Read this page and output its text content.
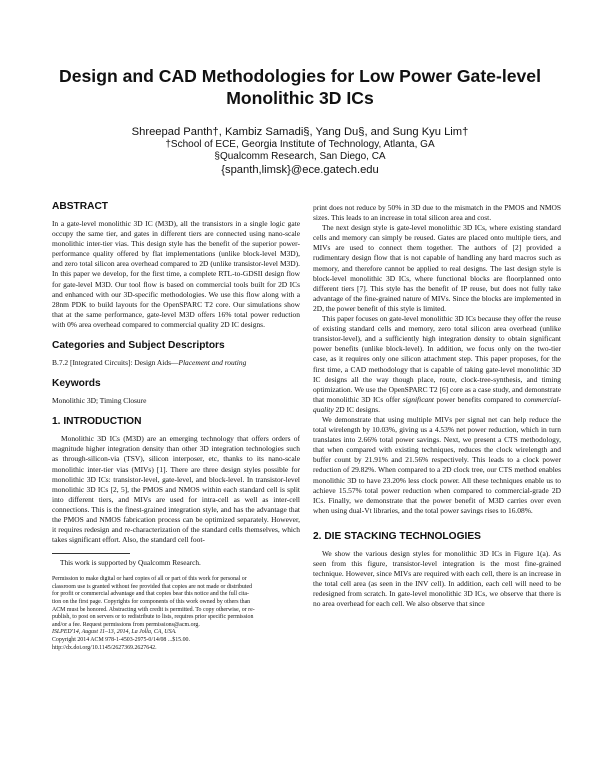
Design and CAD Methodologies for Low Power Gate-level
Monolithic 3D ICs
Shreepad Panth†, Kambiz Samadi§, Yang Du§, and Sung Kyu Lim†
†School of ECE, Georgia Institute of Technology, Atlanta, GA
§Qualcomm Research, San Diego, CA
{spanth,limsk}@ece.gatech.edu
ABSTRACT

In a gate-level monolithic 3D IC (M3D), all the transistors in a single logic gate occupy the same tier, and gates in different tiers are connected using nano-scale monolithic inter-tier vias. This design style has the benefit of the superior power-performance quality offered by flat implementations (unlike block-level M3D), and zero total silicon area overhead compared to 2D (unlike transistor-level M3D). In this paper we develop, for the first time, a complete RTL-to-GDSII design flow for gate-level M3D. Our tool flow is based on commercial tools built for 2D ICs and enhanced with our 3D-specific methodologies. We use this flow along with a 28nm PDK to build layouts for the OpenSPARC T2 core. Our simulations show that at the same performance, gate-level M3D offers 16% total power reduction with 0% area overhead compared to commercial quality 2D IC designs.

Categories and Subject Descriptors

B.7.2 [Integrated Circuits]: Design Aids—Placement and routing

Keywords

Monolithic 3D; Timing Closure

1. INTRODUCTION

Monolithic 3D ICs (M3D) are an emerging technology that offers orders of magnitude higher integration density than other 3D integration technologies such as through-silicon-via (TSV), silicon interposer, etc, thanks to its nano-scale monolithic inter-tier vias (MIVs) [1]. There are three design styles possible for monolithic 3D ICs: transistor-level, gate-level, and block-level. In transistor-level monolithic 3D ICs [2, 5], the PMOS and NMOS within each standard cell is split into different tiers, and MIVs are used for intra-cell as well as inter-cell connections. This is the finest-grained integration style, and has the advantage that the PMOS and NMOS fabrication process can be optimized separately. However, it requires redesign and re-characterization of the standard cells themselves, which takes significant effort. Also, the standard cell foot-

This work is supported by Qualcomm Research.
Permission to make digital or hard copies of all or part of this work for personal or
classroom use is granted without fee provided that copies are not made or distributed
for profit or commercial advantage and that copies bear this notice and the full cita-
tion on the first page. Copyrights for components of this work owned by others than
ACM must be honored. Abstracting with credit is permitted. To copy otherwise, or re-
publish, to post on servers or to redistribute to lists, requires prior specific permission
and/or a fee. Request permissions from permissions@acm.org.
ISLPED'14, August 11–13, 2014, La Jolla, CA, USA.
Copyright 2014 ACM 978-1-4503-2975-0/14/08 ...$15.00.
http://dx.doi.org/10.1145/2627369.2627642.

print does not reduce by 50% in 3D due to the mismatch in the PMOS and NMOS sizes. This leads to an increase in total silicon area and cost.

The next design style is gate-level monolithic 3D ICs, where existing standard cells and memory can simply be reused. Gates are placed onto multiple tiers, and MIVs are used to connect them together. The authors of [2] provided a rudimentary design flow that is not capable of handling any hard macros such as memory, and therefore cannot be applied to real designs. The last design style is block-level monolithic 3D ICs, where functional blocks are floorplanned onto different tiers [7]. This style has the benefit of IP reuse, but does not fully take advantage of the fine-grained nature of MIVs. Since the blocks are implemented in 2D, the power benefit of this style is limited.

This paper focuses on gate-level monolithic 3D ICs because they offer the reuse of existing standard cells and memory, zero total silicon area overhead (unlike transistor-level), and a sufficiently high integration density to obtain significant power benefits (unlike block-level). In addition, we focus only on the two-tier case, as it requires only one silicon attachment step. This paper proposes, for the first time, a CAD methodology that is capable of taking gate-level monolithic 3D IC designs all the way though place, route, clock-tree-synthesis, and timing optimization. We use the OpenSPARC T2 [6] core as a case study, and demonstrate that monolithic 3D ICs offer significant power benefits compared to commercial-quality 2D IC designs.

We demonstrate that using multiple MIVs per signal net can help reduce the total wirelength by 10.03%, giving us a 4.53% net power reduction, which in turn translates into 2.66% total power savings. Next, we present a CTS methodology, that when compared with existing techniques, reduces the clock wirelength and buffer count by 21.91% and 21.56% respectively. This leads to a clock power reduction of 29.82%. When compared to a 2D clock tree, our CTS method enables monolithic 3D to have 23.20% less clock power. All these techniques enable us to achieve 15.57% total power reduction when compared to commercial-grade 2D ICs. Finally, we demonstrate that the power benefit of M3D carries over even when using dual-Vt libraries, and the total power savings rises to 16.08%.

2. DIE STACKING TECHNOLOGIES

We show the various design styles for monolithic 3D ICs in Figure 1(a). As seen from this figure, transistor-level integration is the most fine-grained technique. However, since MIVs are required with each cell, there is an increase in the total cell area (as seen in the INV cell). In addition, each cell will need to be redesigned from scratch. In gate-level monolithic 3D ICs, we observe that there is no area overhead for each cell. We also observe that since
